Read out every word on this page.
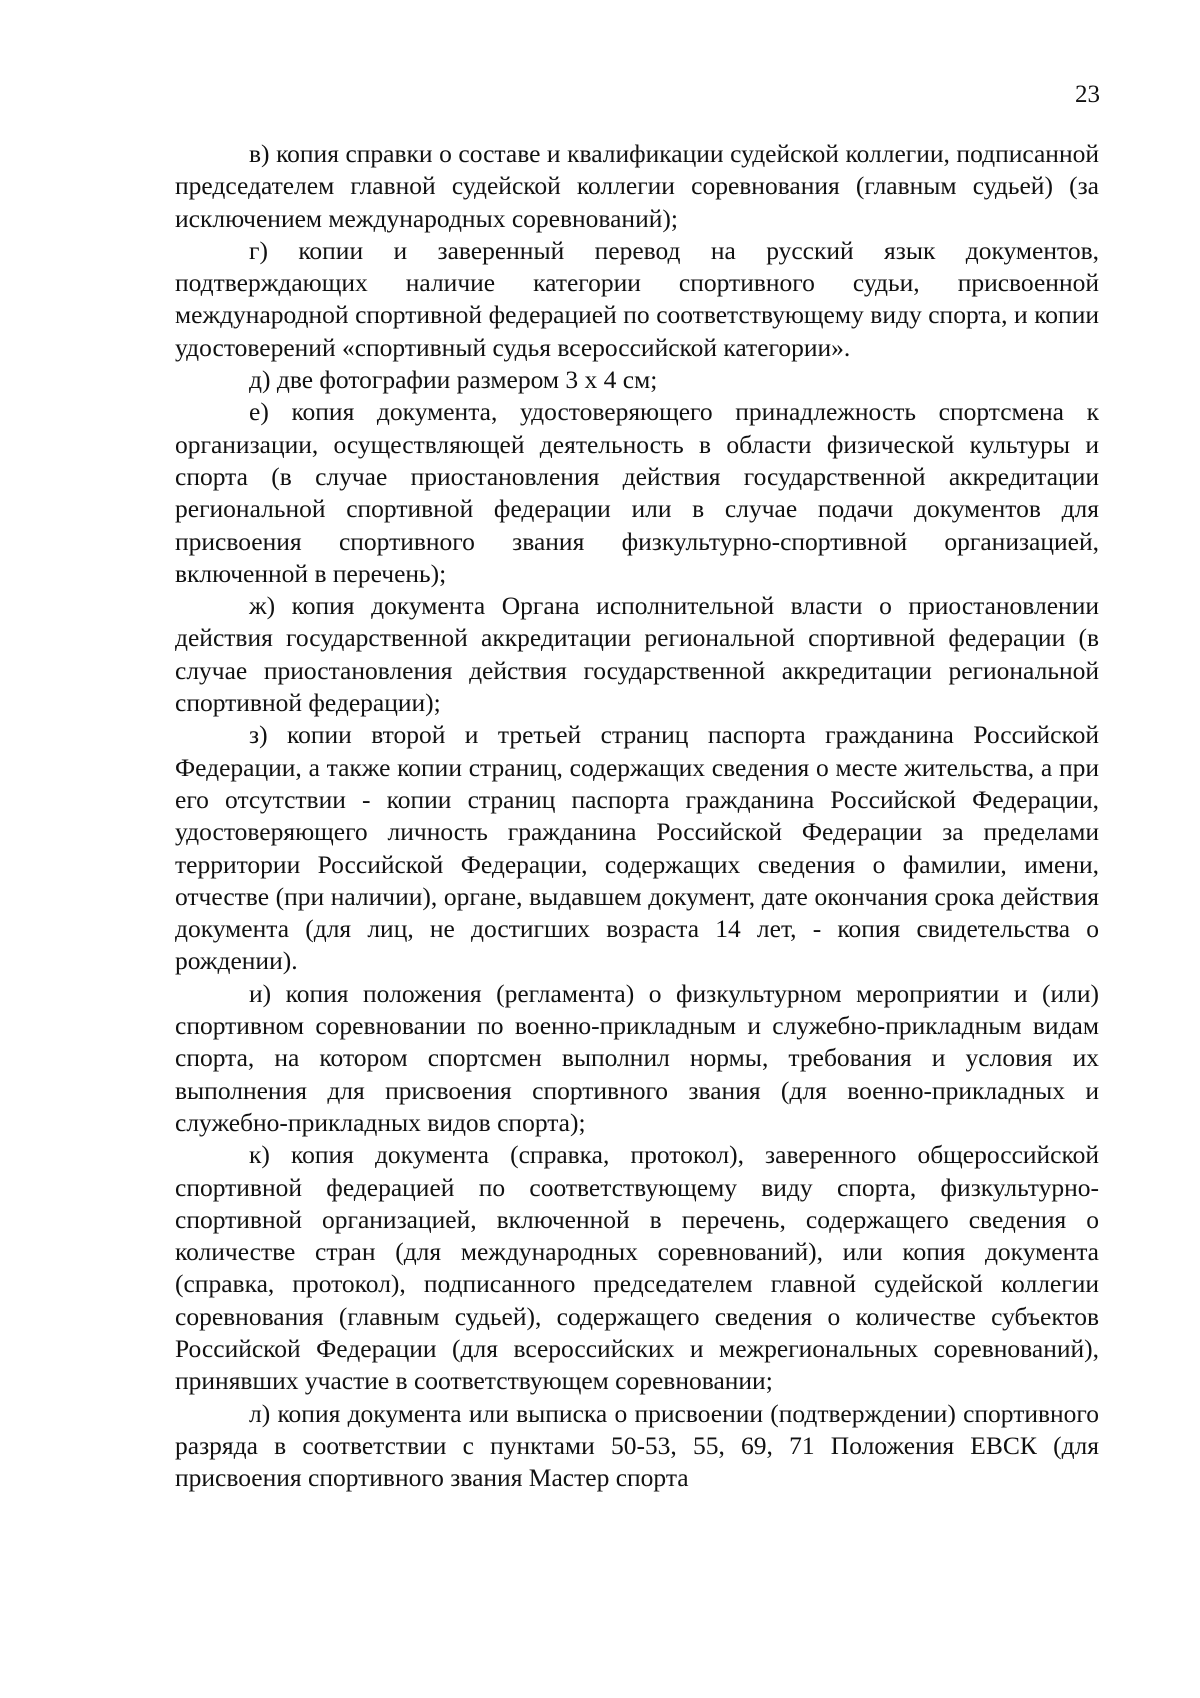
23

в) копия справки о составе и квалификации судейской коллегии, подписанной председателем главной судейской коллегии соревнования (главным судьей) (за исключением международных соревнований);

г) копии и заверенный перевод на русский язык документов, подтверждающих наличие категории спортивного судьи, присвоенной международной спортивной федерацией по соответствующему виду спорта, и копии удостоверений «спортивный судья всероссийской категории».

д) две фотографии размером 3 х 4 см;

е) копия документа, удостоверяющего принадлежность спортсмена к организации, осуществляющей деятельность в области физической культуры и спорта (в случае приостановления действия государственной аккредитации региональной спортивной федерации или в случае подачи документов для присвоения спортивного звания физкультурно-спортивной организацией, включенной в перечень);

ж) копия документа Органа исполнительной власти о приостановлении действия государственной аккредитации региональной спортивной федерации (в случае приостановления действия государственной аккредитации региональной спортивной федерации);

з) копии второй и третьей страниц паспорта гражданина Российской Федерации, а также копии страниц, содержащих сведения о месте жительства, а при его отсутствии - копии страниц паспорта гражданина Российской Федерации, удостоверяющего личность гражданина Российской Федерации за пределами территории Российской Федерации, содержащих сведения о фамилии, имени, отчестве (при наличии), органе, выдавшем документ, дате окончания срока действия документа (для лиц, не достигших возраста 14 лет, - копия свидетельства о рождении).

и) копия положения (регламента) о физкультурном мероприятии и (или) спортивном соревновании по военно-прикладным и служебно-прикладным видам спорта, на котором спортсмен выполнил нормы, требования и условия их выполнения для присвоения спортивного звания (для военно-прикладных и служебно-прикладных видов спорта);

к) копия документа (справка, протокол), заверенного общероссийской спортивной федерацией по соответствующему виду спорта, физкультурно-спортивной организацией, включенной в перечень, содержащего сведения о количестве стран (для международных соревнований), или копия документа (справка, протокол), подписанного председателем главной судейской коллегии соревнования (главным судьей), содержащего сведения о количестве субъектов Российской Федерации (для всероссийских и межрегиональных соревнований), принявших участие в соответствующем соревновании;

л) копия документа или выписка о присвоении (подтверждении) спортивного разряда в соответствии с пунктами 50-53, 55, 69, 71 Положения ЕВСК (для присвоения спортивного звания Мастер спорта
